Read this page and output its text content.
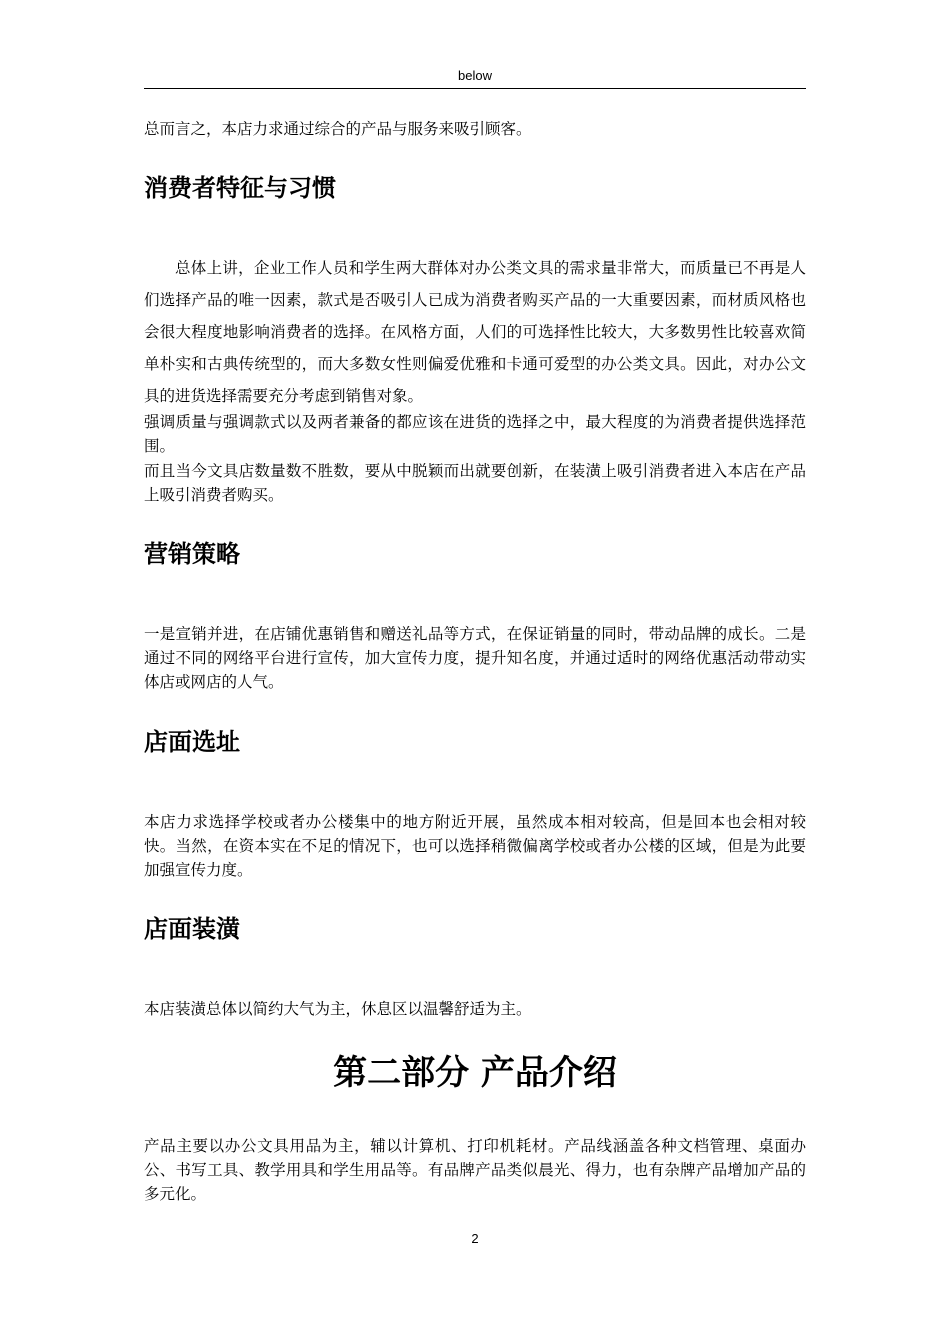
below

总而言之，本店力求通过综合的产品与服务来吸引顾客。

消费者特征与习惯

总体上讲，企业工作人员和学生两大群体对办公类文具的需求量非常大，而质量已不再是人们选择产品的唯一因素，款式是否吸引人已成为消费者购买产品的一大重要因素，而材质风格也会很大程度地影响消费者的选择。在风格方面，人们的可选择性比较大，大多数男性比较喜欢简单朴实和古典传统型的，而大多数女性则偏爱优雅和卡通可爱型的办公类文具。因此，对办公文具的进货选择需要充分考虑到销售对象。

强调质量与强调款式以及两者兼备的都应该在进货的选择之中，最大程度的为消费者提供选择范围。

而且当今文具店数量数不胜数，要从中脱颖而出就要创新，在装潢上吸引消费者进入本店在产品上吸引消费者购买。

营销策略

一是宣销并进，在店铺优惠销售和赠送礼品等方式，在保证销量的同时，带动品牌的成长。二是通过不同的网络平台进行宣传，加大宣传力度，提升知名度，并通过适时的网络优惠活动带动实体店或网店的人气。

店面选址

本店力求选择学校或者办公楼集中的地方附近开展，虽然成本相对较高，但是回本也会相对较快。当然，在资本实在不足的情况下，也可以选择稍微偏离学校或者办公楼的区域，但是为此要加强宣传力度。

店面装潢

本店装潢总体以简约大气为主，休息区以温馨舒适为主。

第二部分 产品介绍

产品主要以办公文具用品为主，辅以计算机、打印机耗材。产品线涵盖各种文档管理、桌面办公、书写工具、教学用具和学生用品等。有品牌产品类似晨光、得力，也有杂牌产品增加产品的多元化。

2
